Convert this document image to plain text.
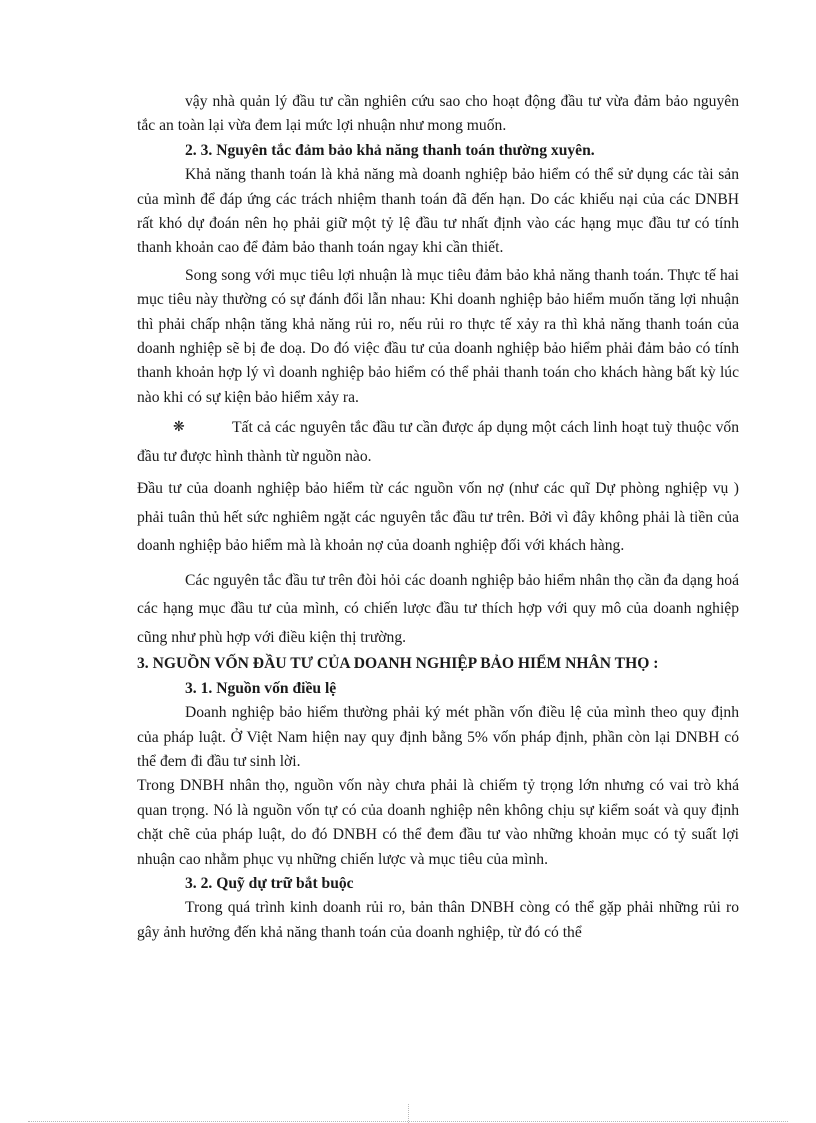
vậy nhà quản lý đầu tư cần nghiên cứu sao cho hoạt động đầu tư vừa đảm bảo nguyên tắc an toàn lại vừa đem lại mức lợi nhuận như mong muốn.

2. 3. Nguyên tắc đảm bảo khả năng thanh toán thường xuyên.

Khả năng thanh toán là khả năng mà doanh nghiệp bảo hiểm có thể sử dụng các tài sản của mình để đáp ứng các trách nhiệm thanh toán đã đến hạn. Do các khiếu nại của các DNBH rất khó dự đoán nên họ phải giữ một tỷ lệ đầu tư nhất định vào các hạng mục đầu tư có tính thanh khoản cao để đảm bảo thanh toán ngay khi cần thiết.

Song song với mục tiêu lợi nhuận là mục tiêu đảm bảo khả năng thanh toán. Thực tế hai mục tiêu này thường có sự đánh đổi lẫn nhau: Khi doanh nghiệp bảo hiểm muốn tăng lợi nhuận thì phải chấp nhận tăng khả năng rủi ro, nếu rủi ro thực tế xảy ra thì khả năng thanh toán của doanh nghiệp sẽ bị đe doạ. Do đó việc đầu tư của doanh nghiệp bảo hiểm phải đảm bảo có tính thanh khoản hợp lý vì doanh nghiệp bảo hiểm có thể phải thanh toán cho khách hàng bất kỳ lúc nào khi có sự kiện bảo hiểm xảy ra.

❋	Tất cả các nguyên tắc đầu tư cần được áp dụng một cách linh hoạt tuỳ thuộc vốn đầu tư được hình thành từ nguồn nào.

Đầu tư của doanh nghiệp bảo hiểm từ các nguồn vốn nợ (như các quĩ Dự phòng nghiệp vụ ) phải tuân thủ hết sức nghiêm ngặt các nguyên tắc đầu tư trên. Bởi vì đây không phải là tiền của doanh nghiệp bảo hiểm mà là khoản nợ của doanh nghiệp đối với khách hàng.

Các nguyên tắc đầu tư trên đòi hỏi các doanh nghiệp bảo hiểm nhân thọ cần đa dạng hoá các hạng mục đầu tư của mình, có chiến lược đầu tư thích hợp với quy mô của doanh nghiệp cũng như phù hợp với điều kiện thị trường.

3. NGUỒN VỐN ĐẦU TƯ CỦA DOANH NGHIỆP BẢO HIỂM NHÂN THỌ :

3. 1. Nguồn vốn điều lệ

Doanh nghiệp bảo hiểm thường phải ký mét phần vốn điều lệ của mình theo quy định của pháp luật. Ở Việt Nam hiện nay quy định bằng 5% vốn pháp định, phần còn lại DNBH có thể đem đi đầu tư sinh lời.

Trong DNBH nhân thọ, nguồn vốn này chưa phải là chiếm tỷ trọng lớn nhưng có vai trò khá quan trọng. Nó là nguồn vốn tự có của doanh nghiệp nên không chịu sự kiểm soát và quy định chặt chẽ của pháp luật, do đó DNBH có thể đem đầu tư vào những khoản mục có tỷ suất lợi nhuận cao nhằm phục vụ những chiến lược và mục tiêu của mình.

3. 2. Quỹ dự trữ bắt buộc

Trong quá trình kinh doanh rủi ro, bản thân DNBH còng có thể gặp phải những rủi ro gây ảnh hưởng đến khả năng thanh toán của doanh nghiệp, từ đó có thể
